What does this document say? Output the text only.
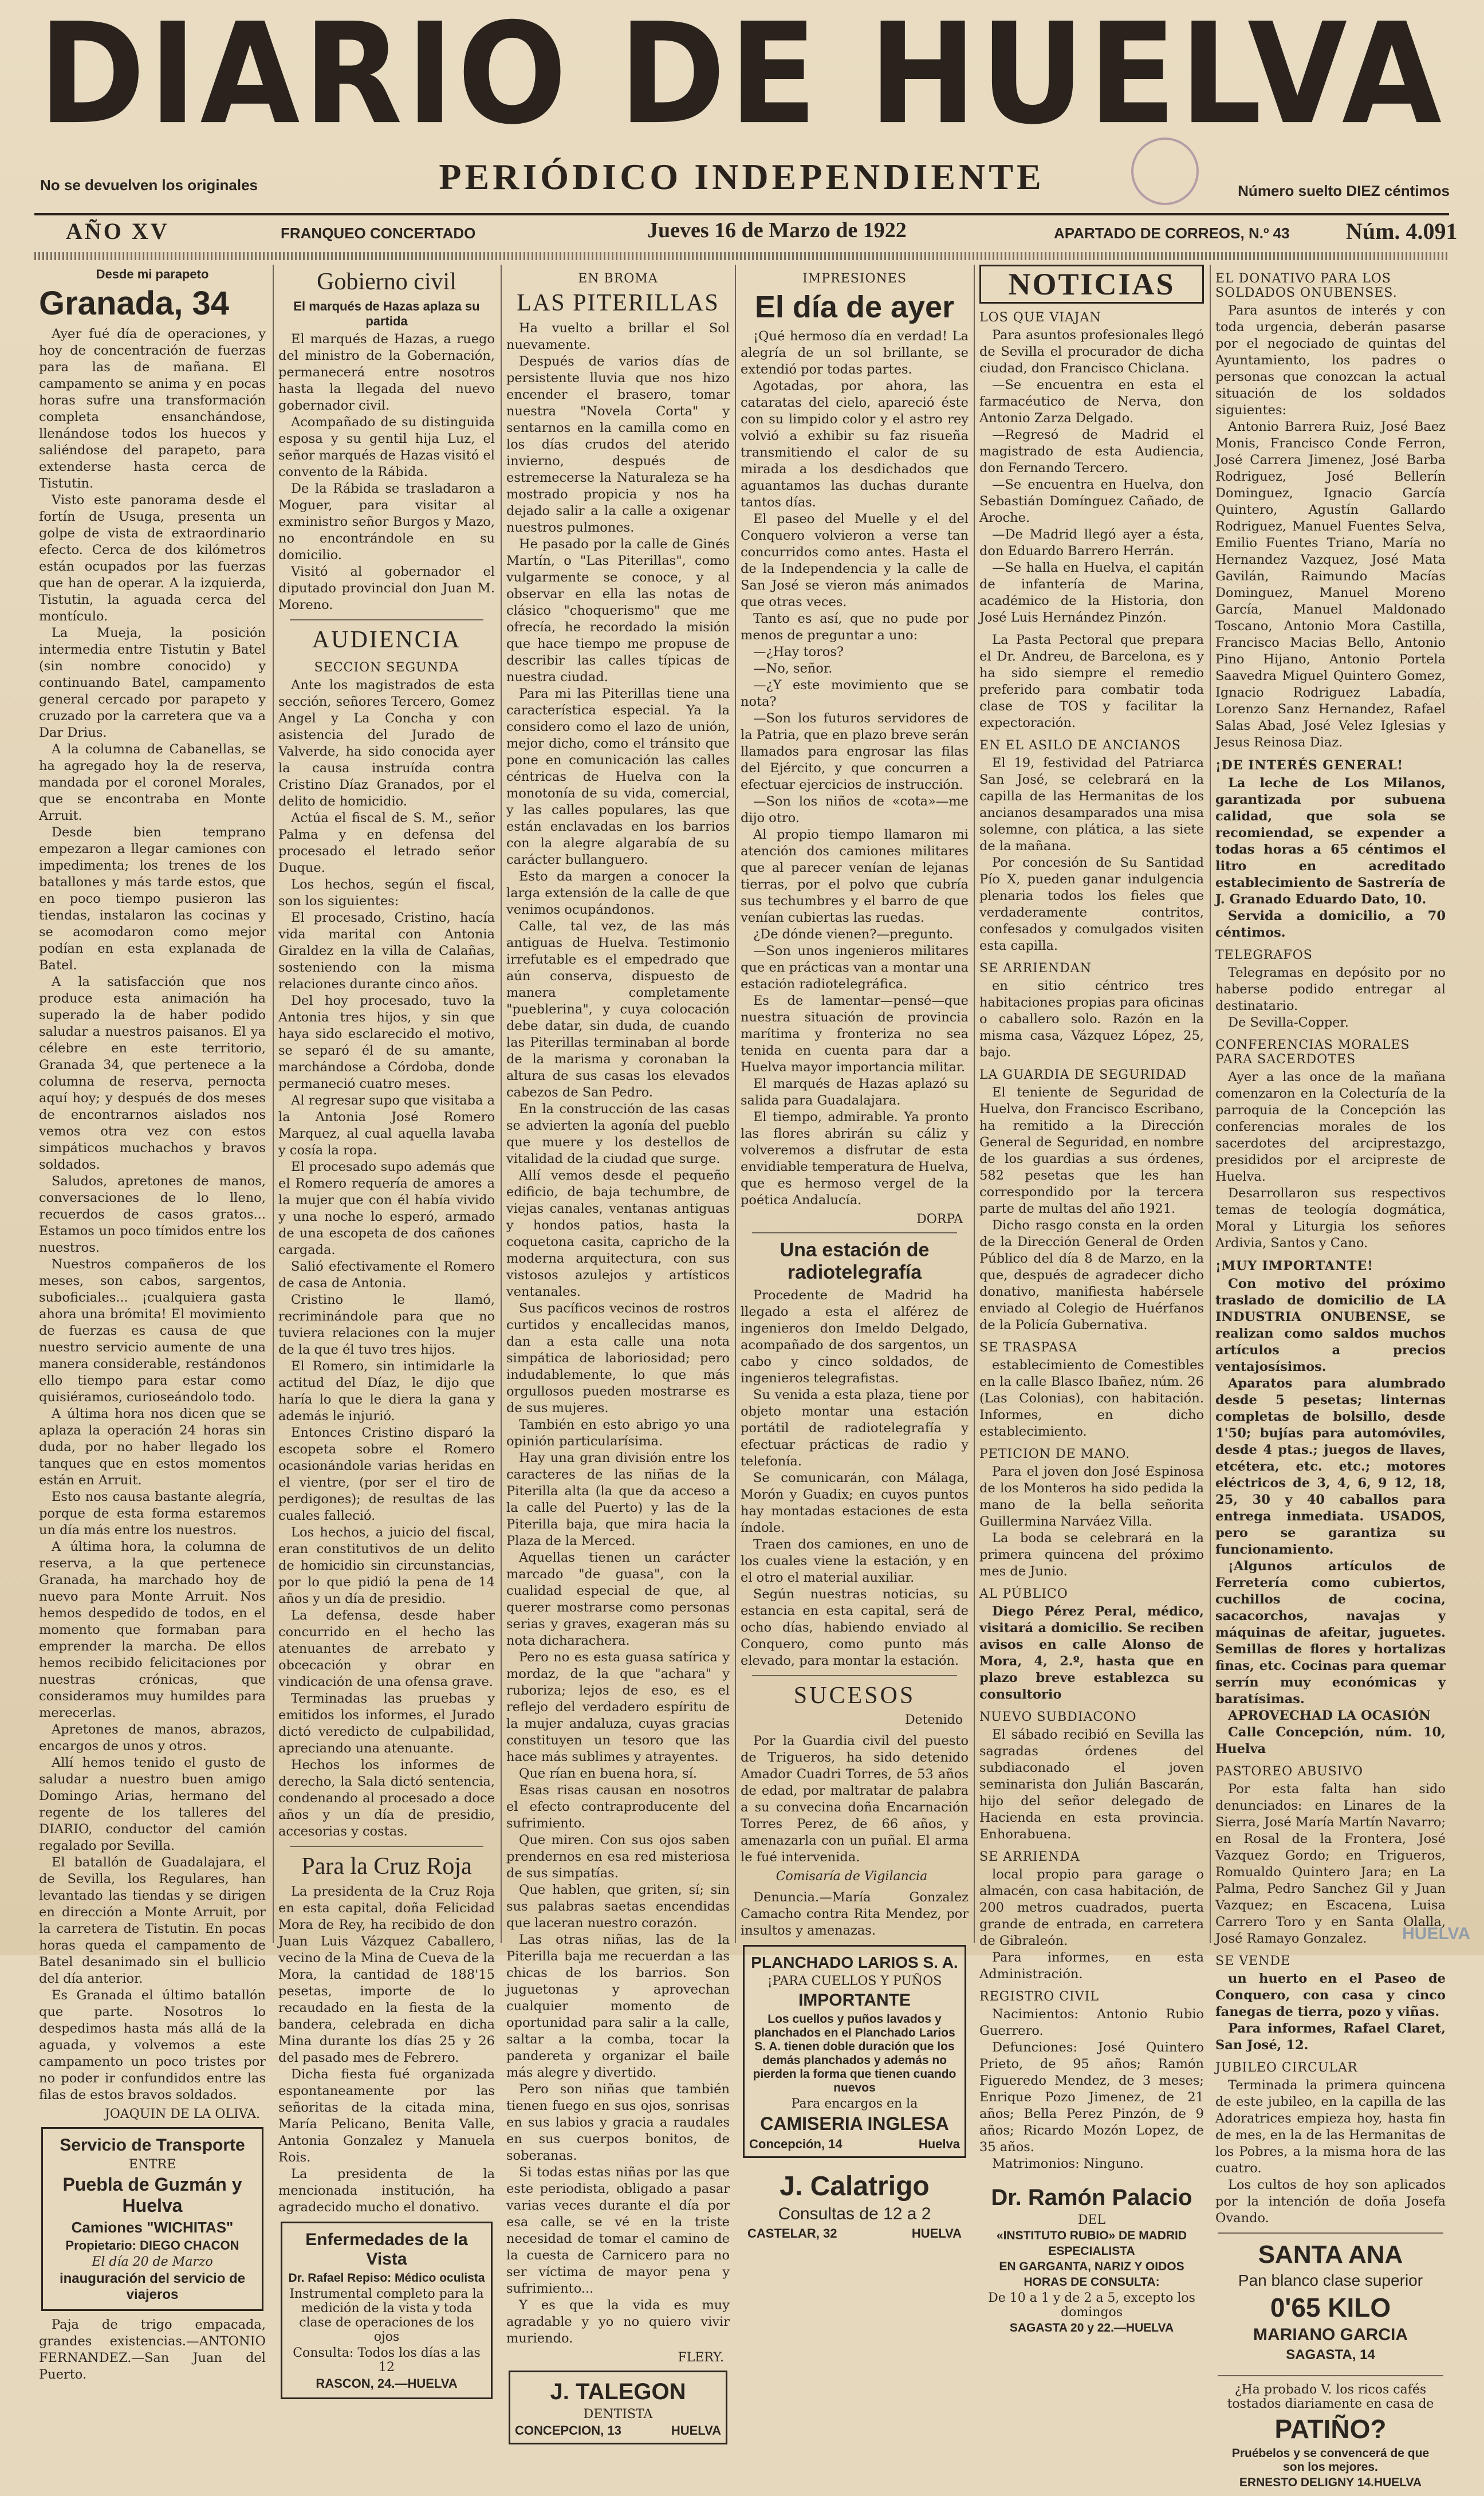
DIARIO DE HUELVA
PERIÓDICO INDEPENDIENTE
No se devuelven los originales	Número suelto DIEZ céntimos
AÑO XV	FRANQUEO CONCERTADO	Jueves 16 de Marzo de 1922	APARTADO DE CORREOS, N.º 43 Núm. 4.091
Desde mi parapeto
Granada, 34

Ayer fué día de operaciones, y hoy de concentración de fuerzas para las de mañana. El campamento se anima y en pocas horas sufre una transformación completa ensanchándose, llenándose todos los huecos y saliéndose del parapeto, para extenderse hasta cerca de Tistutin.

Visto este panorama desde el fortín de Usuga, presenta un golpe de vista de extraordinario efecto. Cerca de dos kilómetros están ocupados por las fuerzas que han de operar. A la izquierda, Tistutin, la aguada cerca del montículo.

La Mueja, la posición intermedia entre Tistutin y Batel (sin nombre conocido) y continuando Batel, campamento general cercado por parapeto y cruzado por la carretera que va a Dar Drius.

A la columna de Cabanellas, se ha agregado hoy la de reserva, mandada por el coronel Morales, que se encontraba en Monte Arruit.

Desde bien temprano empezaron a llegar camiones con impedimenta; los trenes de los batallones y más tarde estos, que en poco tiempo pusieron las tiendas, instalaron las cocinas y se acomodaron como mejor podían en esta explanada de Batel.

A la satisfacción que nos produce esta animación ha superado la de haber podido saludar a nuestros paisanos. El ya célebre en este territorio, Granada 34, que pertenece a la columna de reserva, pernocta aquí hoy; y después de dos meses de encontrarnos aislados nos vemos otra vez con estos simpáticos muchachos y bravos soldados.

Saludos, apretones de manos, conversaciones de lo lleno, recuerdos de casos gratos... Estamos un poco tímidos entre los nuestros.

Nuestros compañeros de los meses, son cabos, sargentos, suboficiales... ¡cualquiera gasta ahora una brómita! El movimiento de fuerzas es causa de que nuestro servicio aumente de una manera considerable, restándonos ello tiempo para estar como quisiéramos, curioseándolo todo.

A última hora nos dicen que se aplaza la operación 24 horas sin duda, por no haber llegado los tanques que en estos momentos están en Arruit.

Esto nos causa bastante alegría, porque de esta forma estaremos un día más entre los nuestros.

A última hora, la columna de reserva, a la que pertenece Granada, ha marchado hoy de nuevo para Monte Arruit. Nos hemos despedido de todos, en el momento que formaban para emprender la marcha. De ellos hemos recibido felicitaciones por nuestras crónicas, que consideramos muy humildes para merecerlas.

Apretones de manos, abrazos, encargos de unos y otros.

Allí hemos tenido el gusto de saludar a nuestro buen amigo Domingo Arias, hermano del regente de los talleres del DIARIO, conductor del camión regalado por Sevilla.

El batallón de Guadalajara, el de Sevilla, los Regulares, han levantado las tiendas y se dirigen en dirección a Monte Arruit, por la carretera de Tistutin. En pocas horas queda el campamento de Batel desanimado sin el bullicio del día anterior.

Es Granada el último batallón que parte. Nosotros lo despedimos hasta más allá de la aguada, y volvemos a este campamento un poco tristes por no poder ir confundidos entre las filas de estos bravos soldados.

JOAQUIN DE LA OLIVA.
Servicio de Transporte
ENTRE
Puebla de Guzmán y Huelva
Camiones "WICHITAS"
Propietario: DIEGO CHACON
El día 20 de Marzo
inauguración del servicio de viajeros

Paja de trigo empacada, grandes existencias.—ANTONIO FERNANDEZ.—San Juan del Puerto.

Gobierno civil
El marqués de Hazas aplaza su partida

El marqués de Hazas, a ruego del ministro de la Gobernación, permanecerá entre nosotros hasta la llegada del nuevo gobernador civil.

Acompañado de su distinguida esposa y su gentil hija Luz, el señor marqués de Hazas visitó el convento de la Rábida.

De la Rábida se trasladaron a Moguer, para visitar al exministro señor Burgos y Mazo, no encontrándole en su domicilio.

Visitó al gobernador el diputado provincial don Juan M. Moreno.

AUDIENCIA
SECCION SEGUNDA

Ante los magistrados de esta sección, señores Tercero, Gomez Angel y La Concha y con asistencia del Jurado de Valverde, ha sido conocida ayer la causa instruída contra Cristino Díaz Granados, por el delito de homicidio.

Actúa el fiscal de S. M., señor Palma y en defensa del procesado el letrado señor Duque.

Los hechos, según el fiscal, son los siguientes:

El procesado, Cristino, hacía vida marital con Antonia Giraldez en la villa de Calañas, sosteniendo con la misma relaciones durante cinco años.

Del hoy procesado, tuvo la Antonia tres hijos, y sin que haya sido esclarecido el motivo, se separó él de su amante, marchándose a Córdoba, donde permaneció cuatro meses.

Al regresar supo que visitaba a la Antonia José Romero Marquez, al cual aquella lavaba y cosía la ropa.

El procesado supo además que el Romero requería de amores a la mujer que con él había vivido y una noche lo esperó, armado de una escopeta de dos cañones cargada.

Salió efectivamente el Romero de casa de Antonia.

Cristino le llamó, recriminándole para que no tuviera relaciones con la mujer de la que él tuvo tres hijos.

El Romero, sin intimidarle la actitud del Díaz, le dijo que haría lo que le diera la gana y además le injurió.

Entonces Cristino disparó la escopeta sobre el Romero ocasionándole varias heridas en el vientre, (por ser el tiro de perdigones); de resultas de las cuales falleció.

Los hechos, a juicio del fiscal, eran constitutivos de un delito de homicidio sin circunstancias, por lo que pidió la pena de 14 años y un día de presidio.

La defensa, desde haber concurrido en el hecho las atenuantes de arrebato y obcecación y obrar en vindicación de una ofensa grave.

Terminadas las pruebas y emitidos los informes, el Jurado dictó veredicto de culpabilidad, apreciando una atenuante.

Hechos los informes de derecho, la Sala dictó sentencia, condenando al procesado a doce años y un día de presidio, accesorias y costas.

Para la Cruz Roja

La presidenta de la Cruz Roja en esta capital, doña Felicidad Mora de Rey, ha recibido de don Juan Luis Vázquez Caballero, vecino de la Mina de Cueva de la Mora, la cantidad de 188'15 pesetas, importe de lo recaudado en la fiesta de la bandera, celebrada en dicha Mina durante los días 25 y 26 del pasado mes de Febrero.

Dicha fiesta fué organizada espontaneamente por las señoritas de la citada mina, María Pelicano, Benita Valle, Antonia Gonzalez y Manuela Rois.

La presidenta de la mencionada institución, ha agradecido mucho el donativo.

Enfermedades de la Vista
Dr. Rafael Repiso: Médico oculista
Instrumental completo para la medición de la vista y toda clase de operaciones de los ojos
Consulta: Todos los días a las 12
RASCON, 24.—HUELVA
EN BROMA
LAS PITERILLAS

Ha vuelto a brillar el Sol nuevamente.

Después de varios días de persistente lluvia que nos hizo encender el brasero, tomar nuestra "Novela Corta" y sentarnos en la camilla como en los días crudos del aterido invierno, después de estremecerse la Naturaleza se ha mostrado propicia y nos ha dejado salir a la calle a oxigenar nuestros pulmones.

He pasado por la calle de Ginés Martín, o "Las Piterillas", como vulgarmente se conoce, y al observar en ella las notas de clásico "choquerismo" que me ofrecía, he recordado la misión que hace tiempo me propuse de describir las calles típicas de nuestra ciudad.

Para mi las Piterillas tiene una característica especial. Ya la considero como el lazo de unión, mejor dicho, como el tránsito que pone en comunicación las calles céntricas de Huelva con la monotonía de su vida, comercial, y las calles populares, las que están enclavadas en los barrios con la alegre algarabía de su carácter bullanguero.

Esto da margen a conocer la larga extensión de la calle de que venimos ocupándonos.

Calle, tal vez, de las más antiguas de Huelva. Testimonio irrefutable es el empedrado que aún conserva, dispuesto de manera completamente "pueblerina", y cuya colocación debe datar, sin duda, de cuando las Piterillas terminaban al borde de la marisma y coronaban la altura de sus casas los elevados cabezos de San Pedro.

En la construcción de las casas se advierten la agonía del pueblo que muere y los destellos de vitalidad de la ciudad que surge.

Allí vemos desde el pequeño edificio, de baja techumbre, de viejas canales, ventanas antiguas y hondos patios, hasta la coquetona casita, capricho de la moderna arquitectura, con sus vistosos azulejos y artísticos ventanales.

Sus pacíficos vecinos de rostros curtidos y encallecidas manos, dan a esta calle una nota simpática de laboriosidad; pero indudablemente, lo que más orgullosos pueden mostrarse es de sus mujeres.

También en esto abrigo yo una opinión particularísima.

Hay una gran división entre los caracteres de las niñas de la Piterilla alta (la que da acceso a la calle del Puerto) y las de la Piterilla baja, que mira hacia la Plaza de la Merced.

Aquellas tienen un carácter marcado "de guasa", con la cualidad especial de que, al querer mostrarse como personas serias y graves, exageran más su nota dicharachera.

Pero no es esta guasa satírica y mordaz, de la que "achara" y ruboriza; lejos de eso, es el reflejo del verdadero espíritu de la mujer andaluza, cuyas gracias constituyen un tesoro que las hace más sublimes y atrayentes.

Que rían en buena hora, sí.

Esas risas causan en nosotros el efecto contraproducente del sufrimiento.

Que miren. Con sus ojos saben prendernos en esa red misteriosa de sus simpatías.

Que hablen, que griten, sí; sin sus palabras saetas encendidas que laceran nuestro corazón.

Las otras niñas, las de la Piterilla baja me recuerdan a las chicas de los barrios. Son juguetonas y aprovechan cualquier momento de oportunidad para salir a la calle, saltar a la comba, tocar la pandereta y organizar el baile más alegre y divertido.

Pero son niñas que también tienen fuego en sus ojos, sonrisas en sus labios y gracia a raudales en sus cuerpos bonitos, de soberanas.

Si todas estas niñas por las que este periodista, obligado a pasar varias veces durante el día por esa calle, se vé en la triste necesidad de tomar el camino de la cuesta de Carnicero para no ser víctima de mayor pena y sufrimiento...

Y es que la vida es muy agradable y yo no quiero vivir muriendo.

FLERY.
J. TALEGON
DENTISTA
CONCEPCION, 13	HUELVA
IMPRESIONES
El día de ayer

¡Qué hermoso día en verdad! La alegría de un sol brillante, se extendió por todas partes.

Agotadas, por ahora, las cataratas del cielo, apareció éste con su limpido color y el astro rey volvió a exhibir su faz risueña transmitiendo el calor de su mirada a los desdichados que aguantamos las duchas durante tantos días.

El paseo del Muelle y el del Conquero volvieron a verse tan concurridos como antes. Hasta el de la Independencia y la calle de San José se vieron más animados que otras veces.

Tanto es así, que no pude por menos de preguntar a uno:

—¿Hay toros?

—No, señor.

—¿Y este movimiento que se nota?

—Son los futuros servidores de la Patria, que en plazo breve serán llamados para engrosar las filas del Ejército, y que concurren a efectuar ejercicios de instrucción.

—Son los niños de «cota»—me dijo otro.

Al propio tiempo llamaron mi atención dos camiones militares que al parecer venían de lejanas tierras, por el polvo que cubría sus techumbres y el barro de que venían cubiertas las ruedas.

¿De dónde vienen?—pregunto.

—Son unos ingenieros militares que en prácticas van a montar una estación radiotelegráfica.

Es de lamentar—pensé—que nuestra situación de provincia marítima y fronteriza no sea tenida en cuenta para dar a Huelva mayor importancia militar.

El marqués de Hazas aplazó su salida para Guadalajara.

El tiempo, admirable. Ya pronto las flores abrirán su cáliz y volveremos a disfrutar de esta envidiable temperatura de Huelva, que es hermoso vergel de la poética Andalucía.

DORPA
Una estación de radiotelegrafía

Procedente de Madrid ha llegado a esta el alférez de ingenieros don Imeldo Delgado, acompañado de dos sargentos, un cabo y cinco soldados, de ingenieros telegrafistas.

Su venida a esta plaza, tiene por objeto montar una estación portátil de radiotelegrafía y efectuar prácticas de radio y telefonía.

Se comunicarán, con Málaga, Morón y Guadix; en cuyos puntos hay montadas estaciones de esta índole.

Traen dos camiones, en uno de los cuales viene la estación, y en el otro el material auxiliar.

Según nuestras noticias, su estancia en esta capital, será de ocho días, habiendo enviado al Conquero, como punto más elevado, para montar la estación.

SUCESOS
Detenido

Por la Guardia civil del puesto de Trigueros, ha sido detenido Amador Cuadri Torres, de 53 años de edad, por maltratar de palabra a su convecina doña Encarnación Torres Perez, de 66 años, y amenazarla con un puñal. El arma le fué intervenida.

Comisaría de Vigilancia

Denuncia.—María Gonzalez Camacho contra Rita Mendez, por insultos y amenazas.

PLANCHADO LARIOS S. A.
¡PARA CUELLOS Y PUÑOS
IMPORTANTE
Los cuellos y puños lavados y planchados en el Planchado Larios S. A. tienen doble duración que los demás planchados y además no pierden la forma que tienen cuando nuevos
Para encargos en la
CAMISERIA INGLESA
Concepción, 14	Huelva
J. Calatrigo
Consultas de 12 a 2
CASTELAR, 32	HUELVA
NOTICIAS
LOS QUE VIAJAN

Para asuntos profesionales llegó de Sevilla el procurador de dicha ciudad, don Francisco Chiclana.

—Se encuentra en esta el farmacéutico de Nerva, don Antonio Zarza Delgado.

—Regresó de Madrid el magistrado de esta Audiencia, don Fernando Tercero.

—Se encuentra en Huelva, don Sebastián Domínguez Cañado, de Aroche.

—De Madrid llegó ayer a ésta, don Eduardo Barrero Herrán.

—Se halla en Huelva, el capitán de infantería de Marina, académico de la Historia, don José Luis Hernández Pinzón.

La Pasta Pectoral que prepara el Dr. Andreu, de Barcelona, es y ha sido siempre el remedio preferido para combatir toda clase de TOS y facilitar la expectoración.

EN EL ASILO DE ANCIANOS

El 19, festividad del Patriarca San José, se celebrará en la capilla de las Hermanitas de los ancianos desamparados una misa solemne, con plática, a las siete de la mañana.

Por concesión de Su Santidad Pío X, pueden ganar indulgencia plenaria todos los fieles que verdaderamente contritos, confesados y comulgados visiten esta capilla.

SE ARRIENDAN

en sitio céntrico tres habitaciones propias para oficinas o caballero solo. Razón en la misma casa, Vázquez López, 25, bajo.

LA GUARDIA DE SEGURIDAD

El teniente de Seguridad de Huelva, don Francisco Escribano, ha remitido a la Dirección General de Seguridad, en nombre de los guardias a sus órdenes, 582 pesetas que les han correspondido por la tercera parte de multas del año 1921.

Dicho rasgo consta en la orden de la Dirección General de Orden Público del día 8 de Marzo, en la que, después de agradecer dicho donativo, manifiesta habérsele enviado al Colegio de Huérfanos de la Policía Gubernativa.

SE TRASPASA

establecimiento de Comestibles en la calle Blasco Ibañez, núm. 26 (Las Colonias), con habitación. Informes, en dicho establecimiento.

PETICION DE MANO.

Para el joven don José Espinosa de los Monteros ha sido pedida la mano de la bella señorita Guillermina Narváez Villa.

La boda se celebrará en la primera quincena del próximo mes de Junio.

AL PÚBLICO

Diego Pérez Peral, médico, visitará a domicilio. Se reciben avisos en calle Alonso de Mora, 4, 2.º, hasta que en plazo breve establezca su consultorio

NUEVO SUBDIACONO

El sábado recibió en Sevilla las sagradas órdenes del subdiaconado el joven seminarista don Julián Bascarán, hijo del señor delegado de Hacienda en esta provincia. Enhorabuena.

SE ARRIENDA

local propio para garage o almacén, con casa habitación, de 200 metros cuadrados, puerta grande de entrada, en carretera de Gibraleón.

Para informes, en esta Administración.

REGISTRO CIVIL

Nacimientos: Antonio Rubio Guerrero.

Defunciones: José Quintero Prieto, de 95 años; Ramón Figueredo Mendez, de 3 meses; Enrique Pozo Jimenez, de 21 años; Bella Perez Pinzón, de 9 años; Ricardo Mozón Lopez, de 35 años.

Matrimonios: Ninguno.

Dr. Ramón Palacio
DEL
«INSTITUTO RUBIO» DE MADRID
ESPECIALISTA
EN GARGANTA, NARIZ Y OIDOS
HORAS DE CONSULTA:
De 10 a 1 y de 2 a 5, excepto los domingos
SAGASTA 20 y 22.—HUELVA
EL DONATIVO PARA LOS SOLDADOS ONUBENSES.

Para asuntos de interés y con toda urgencia, deberán pasarse por el negociado de quintas del Ayuntamiento, los padres o personas que conozcan la actual situación de los soldados siguientes:

Antonio Barrera Ruiz, José Baez Monis, Francisco Conde Ferron, José Carrera Jimenez, José Barba Rodriguez, José Bellerín Dominguez, Ignacio García Quintero, Agustín Gallardo Rodriguez, Manuel Fuentes Selva, Emilio Fuentes Triano, María no Hernandez Vazquez, José Mata Gavilán, Raimundo Macías Dominguez, Manuel Moreno García, Manuel Maldonado Toscano, Antonio Mora Castilla, Francisco Macias Bello, Antonio Pino Hijano, Antonio Portela Saavedra Miguel Quintero Gomez, Ignacio Rodriguez Labadía, Lorenzo Sanz Hernandez, Rafael Salas Abad, José Velez Iglesias y Jesus Reinosa Diaz.

¡DE INTERÉS GENERAL!

La leche de Los Milanos, garantizada por subuena calidad, que sola se recomiendad, se expender a todas horas a 65 céntimos el litro en acreditado establecimiento de Sastrería de J. Granado Eduardo Dato, 10.

Servida a domicilio, a 70 céntimos.

TELEGRAFOS

Telegramas en depósito por no haberse podido entregar al destinatario.

De Sevilla-Copper.

CONFERENCIAS MORALES PARA SACERDOTES

Ayer a las once de la mañana comenzaron en la Colecturía de la parroquia de la Concepción las conferencias morales de los sacerdotes del arciprestazgo, presididos por el arcipreste de Huelva.

Desarrollaron sus respectivos temas de teología dogmática, Moral y Liturgia los señores Ardivia, Santos y Cano.

¡MUY IMPORTANTE!

Con motivo del próximo traslado de domicilio de LA INDUSTRIA ONUBENSE, se realizan como saldos muchos artículos a precios ventajosísimos.

Aparatos para alumbrado desde 5 pesetas; linternas completas de bolsillo, desde 1'50; bujías para automóviles, desde 4 ptas.; juegos de llaves, etcétera, etc. etc.; motores eléctricos de 3, 4, 6, 9 12, 18, 25, 30 y 40 caballos para entrega inmediata. USADOS, pero se garantiza su funcionamiento.

¡Algunos artículos de Ferretería como cubiertos, cuchillos de cocina, sacacorchos, navajas y máquinas de afeitar, juguetes. Semillas de flores y hortalizas finas, etc. Cocinas para quemar serrín muy económicas y baratísimas.

APROVECHAD LA OCASIÓN

Calle Concepción, núm. 10, Huelva

PASTOREO ABUSIVO

Por esta falta han sido denunciados: en Linares de la Sierra, José María Martín Navarro; en Rosal de la Frontera, José Vazquez Gordo; en Trigueros, Romualdo Quintero Jara; en La Palma, Pedro Sanchez Gil y Juan Vazquez; en Escacena, Luisa Carrero Toro y en Santa Olalla, José Ramayo Gonzalez.

SE VENDE

un huerto en el Paseo de Conquero, con casa y cinco fanegas de tierra, pozo y viñas.

Para informes, Rafael Claret, San José, 12.

JUBILEO CIRCULAR

Terminada la primera quincena de este jubileo, en la capilla de las Adoratrices empieza hoy, hasta fin de mes, en la de las Hermanitas de los Pobres, a la misma hora de las cuatro.

Los cultos de hoy son aplicados por la intención de doña Josefa Ovando.

SANTA ANA
Pan blanco clase superior
0'65 KILO
MARIANO GARCIA
SAGASTA, 14
¿Ha probado V. los ricos cafés tostados diariamente en casa de
PATIÑO?
Pruébelos y se convencerá de que son los mejores.
ERNESTO DELIGNY 14.HUELVA
HUELVA
